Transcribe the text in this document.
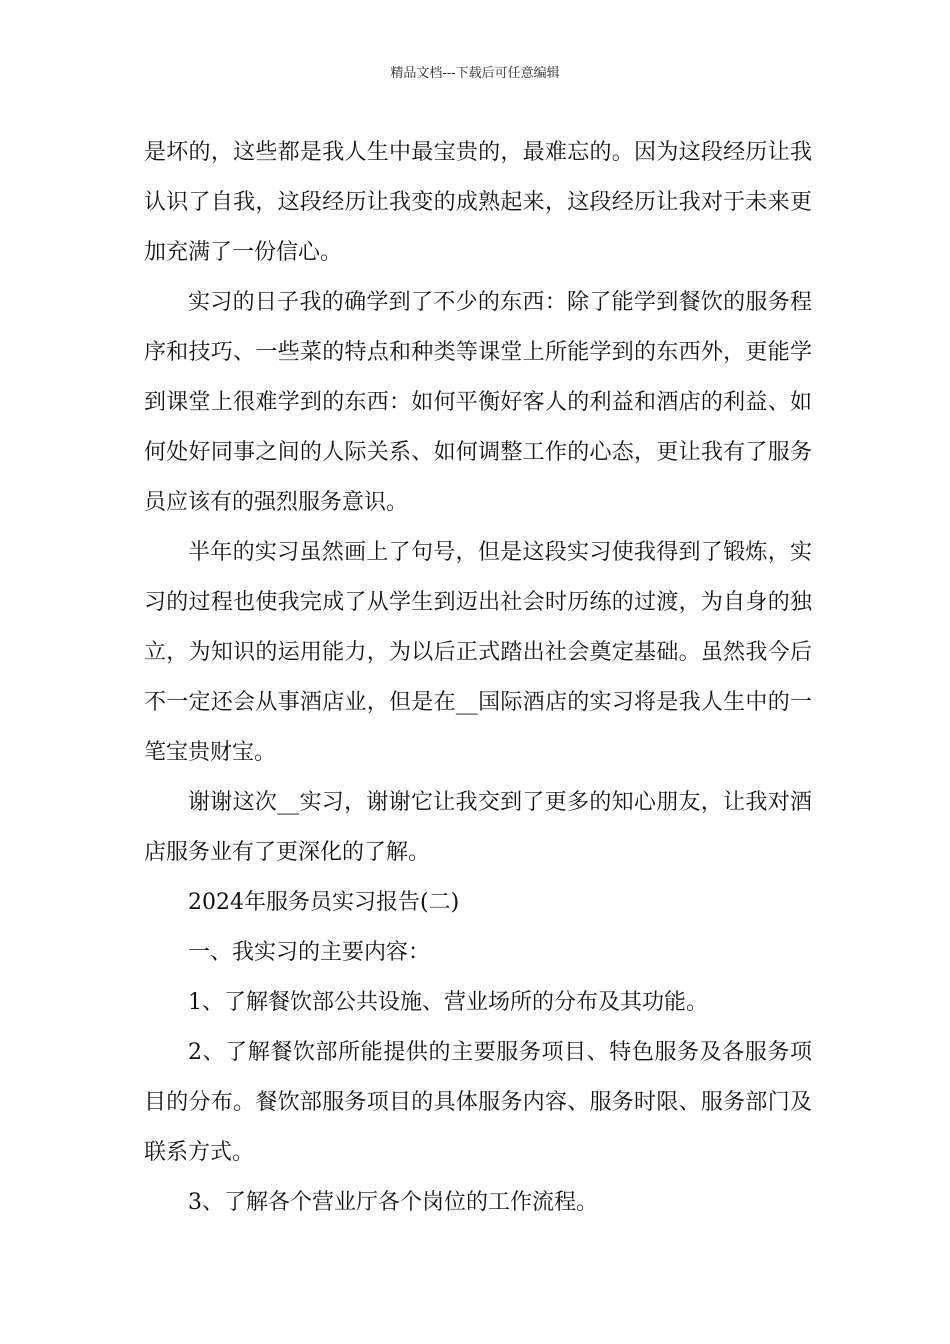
精品文档---下载后可任意编辑

是坏的，这些都是我人生中最宝贵的，最难忘的。因为这段经历让我认识了自我，这段经历让我变的成熟起来，这段经历让我对于未来更加充满了一份信心。

实习的日子我的确学到了不少的东西：除了能学到餐饮的服务程序和技巧、一些菜的特点和种类等课堂上所能学到的东西外，更能学到课堂上很难学到的东西：如何平衡好客人的利益和酒店的利益、如何处好同事之间的人际关系、如何调整工作的心态，更让我有了服务员应该有的强烈服务意识。

半年的实习虽然画上了句号，但是这段实习使我得到了锻炼，实习的过程也使我完成了从学生到迈出社会时历练的过渡，为自身的独立，为知识的运用能力，为以后正式踏出社会奠定基础。虽然我今后不一定还会从事酒店业，但是在__国际酒店的实习将是我人生中的一笔宝贵财宝。

谢谢这次__实习，谢谢它让我交到了更多的知心朋友，让我对酒店服务业有了更深化的了解。

2024年服务员实习报告(二)

一、我实习的主要内容：

1、了解餐饮部公共设施、营业场所的分布及其功能。

2、了解餐饮部所能提供的主要服务项目、特色服务及各服务项目的分布。餐饮部服务项目的具体服务内容、服务时限、服务部门及联系方式。

3、了解各个营业厅各个岗位的工作流程。
